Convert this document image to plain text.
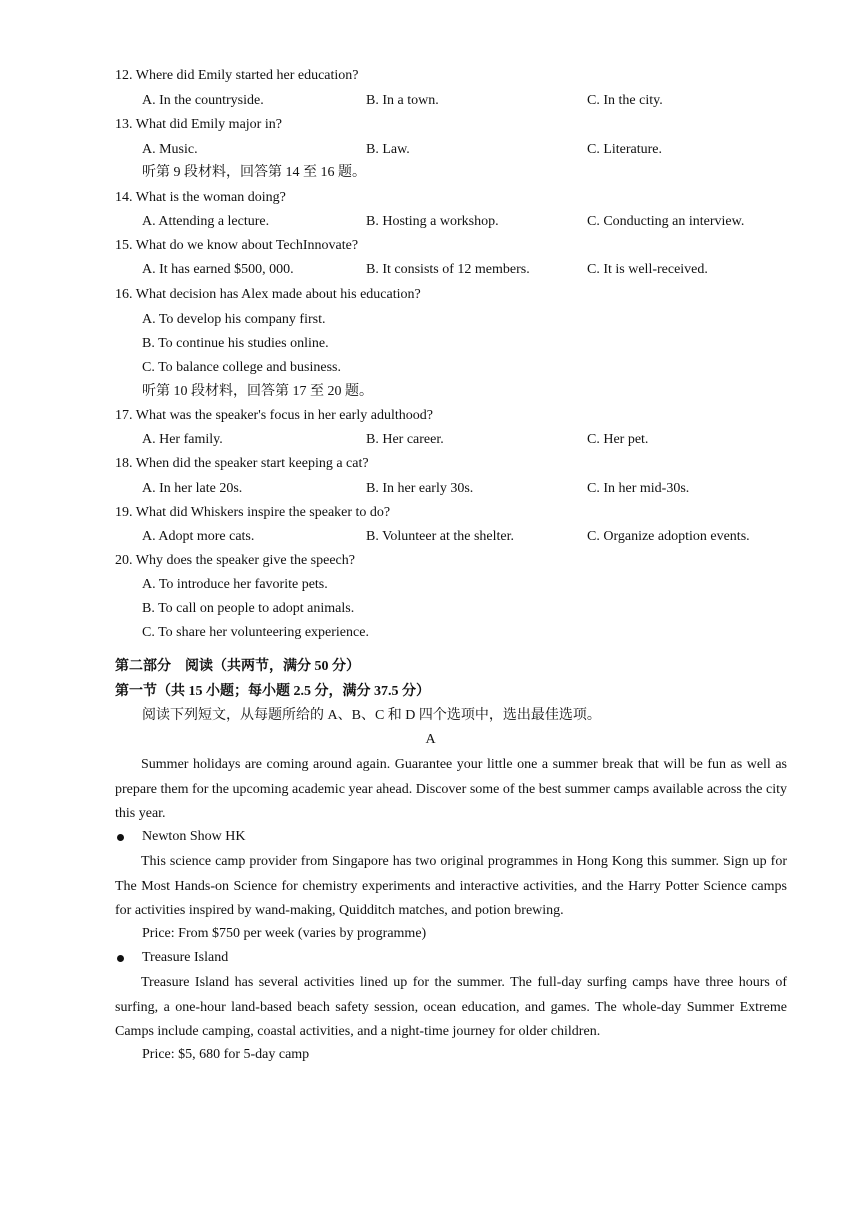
12. Where did Emily started her education?
A. In the countryside.	B. In a town.	C. In the city.
13. What did Emily major in?
A. Music.	B. Law.	C. Literature.
听第 9 段材料，回答第 14 至 16 题。
14. What is the woman doing?
A. Attending a lecture.	B. Hosting a workshop.	C. Conducting an interview.
15. What do we know about TechInnovate?
A. It has earned $500, 000.	B. It consists of 12 members.	C. It is well-received.
16. What decision has Alex made about his education?
A. To develop his company first.
B. To continue his studies online.
C. To balance college and business.
听第 10 段材料，回答第 17 至 20 题。
17. What was the speaker's focus in her early adulthood?
A. Her family.	B. Her career.	C. Her pet.
18. When did the speaker start keeping a cat?
A. In her late 20s.	B. In her early 30s.	C. In her mid-30s.
19. What did Whiskers inspire the speaker to do?
A. Adopt more cats.	B. Volunteer at the shelter.	C. Organize adoption events.
20. Why does the speaker give the speech?
A. To introduce her favorite pets.
B. To call on people to adopt animals.
C. To share her volunteering experience.
第二部分　阅读（共两节，满分 50 分）
第一节（共 15 小题；每小题 2.5 分，满分 37.5 分）
阅读下列短文，从每题所给的 A、B、C 和 D 四个选项中，选出最佳选项。
A
Summer holidays are coming around again. Guarantee your little one a summer break that will be fun as well as prepare them for the upcoming academic year ahead. Discover some of the best summer camps available across the city this year.
Newton Show HK
This science camp provider from Singapore has two original programmes in Hong Kong this summer. Sign up for The Most Hands-on Science for chemistry experiments and interactive activities, and the Harry Potter Science camps for activities inspired by wand-making, Quidditch matches, and potion brewing.
Price: From $750 per week (varies by programme)
Treasure Island
Treasure Island has several activities lined up for the summer. The full-day surfing camps have three hours of surfing, a one-hour land-based beach safety session, ocean education, and games. The whole-day Summer Extreme Camps include camping, coastal activities, and a night-time journey for older children.
Price: $5, 680 for 5-day camp
